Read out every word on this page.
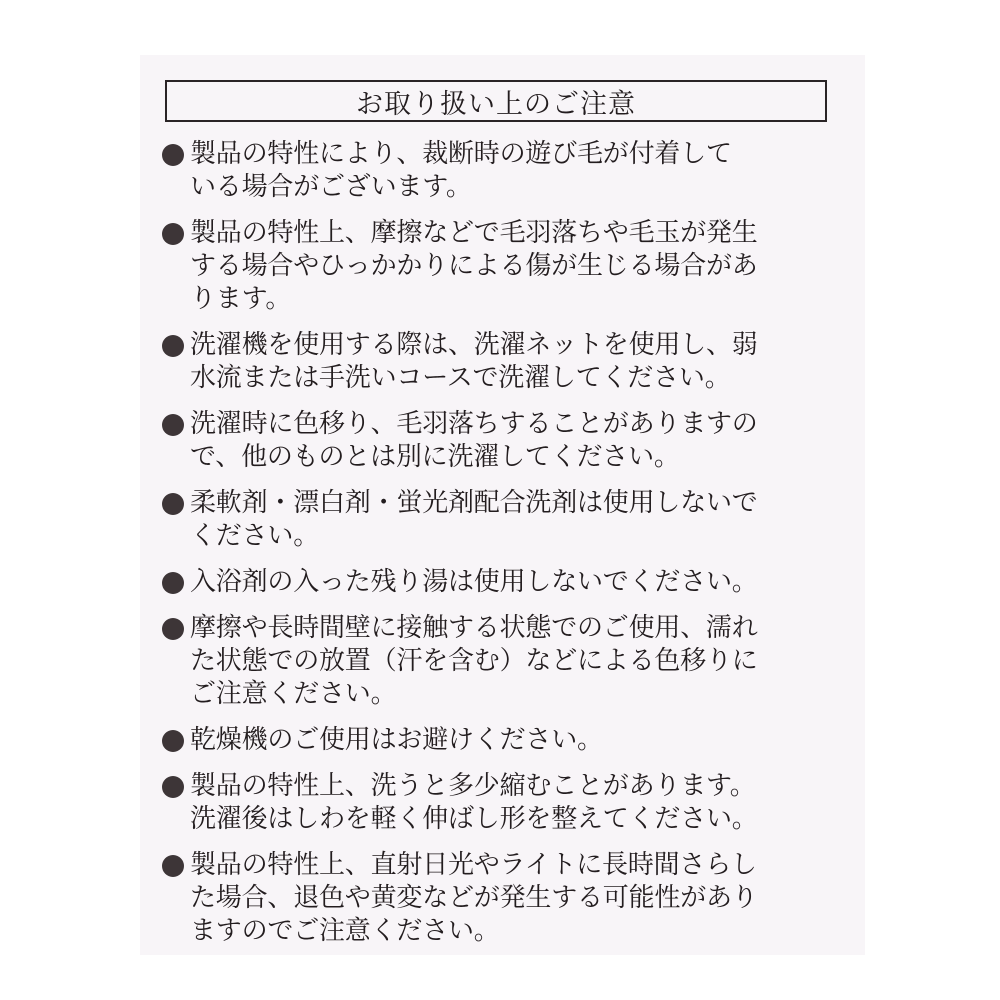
お取り扱い上のご注意
製品の特性により、裁断時の遊び毛が付着して
いる場合がございます。
製品の特性上、摩擦などで毛羽落ちや毛玉が発生
する場合やひっかかりによる傷が生じる場合があ
ります。
洗濯機を使用する際は、洗濯ネットを使用し、弱
水流または手洗いコースで洗濯してください。
洗濯時に色移り、毛羽落ちすることがありますの
で、他のものとは別に洗濯してください。
柔軟剤・漂白剤・蛍光剤配合洗剤は使用しないで
ください。
入浴剤の入った残り湯は使用しないでください。
摩擦や長時間壁に接触する状態でのご使用、濡れ
た状態での放置（汗を含む）などによる色移りに
ご注意ください。
乾燥機のご使用はお避けください。
製品の特性上、洗うと多少縮むことがあります。
洗濯後はしわを軽く伸ばし形を整えてください。
製品の特性上、直射日光やライトに長時間さらし
た場合、退色や黄変などが発生する可能性があり
ますのでご注意ください。
